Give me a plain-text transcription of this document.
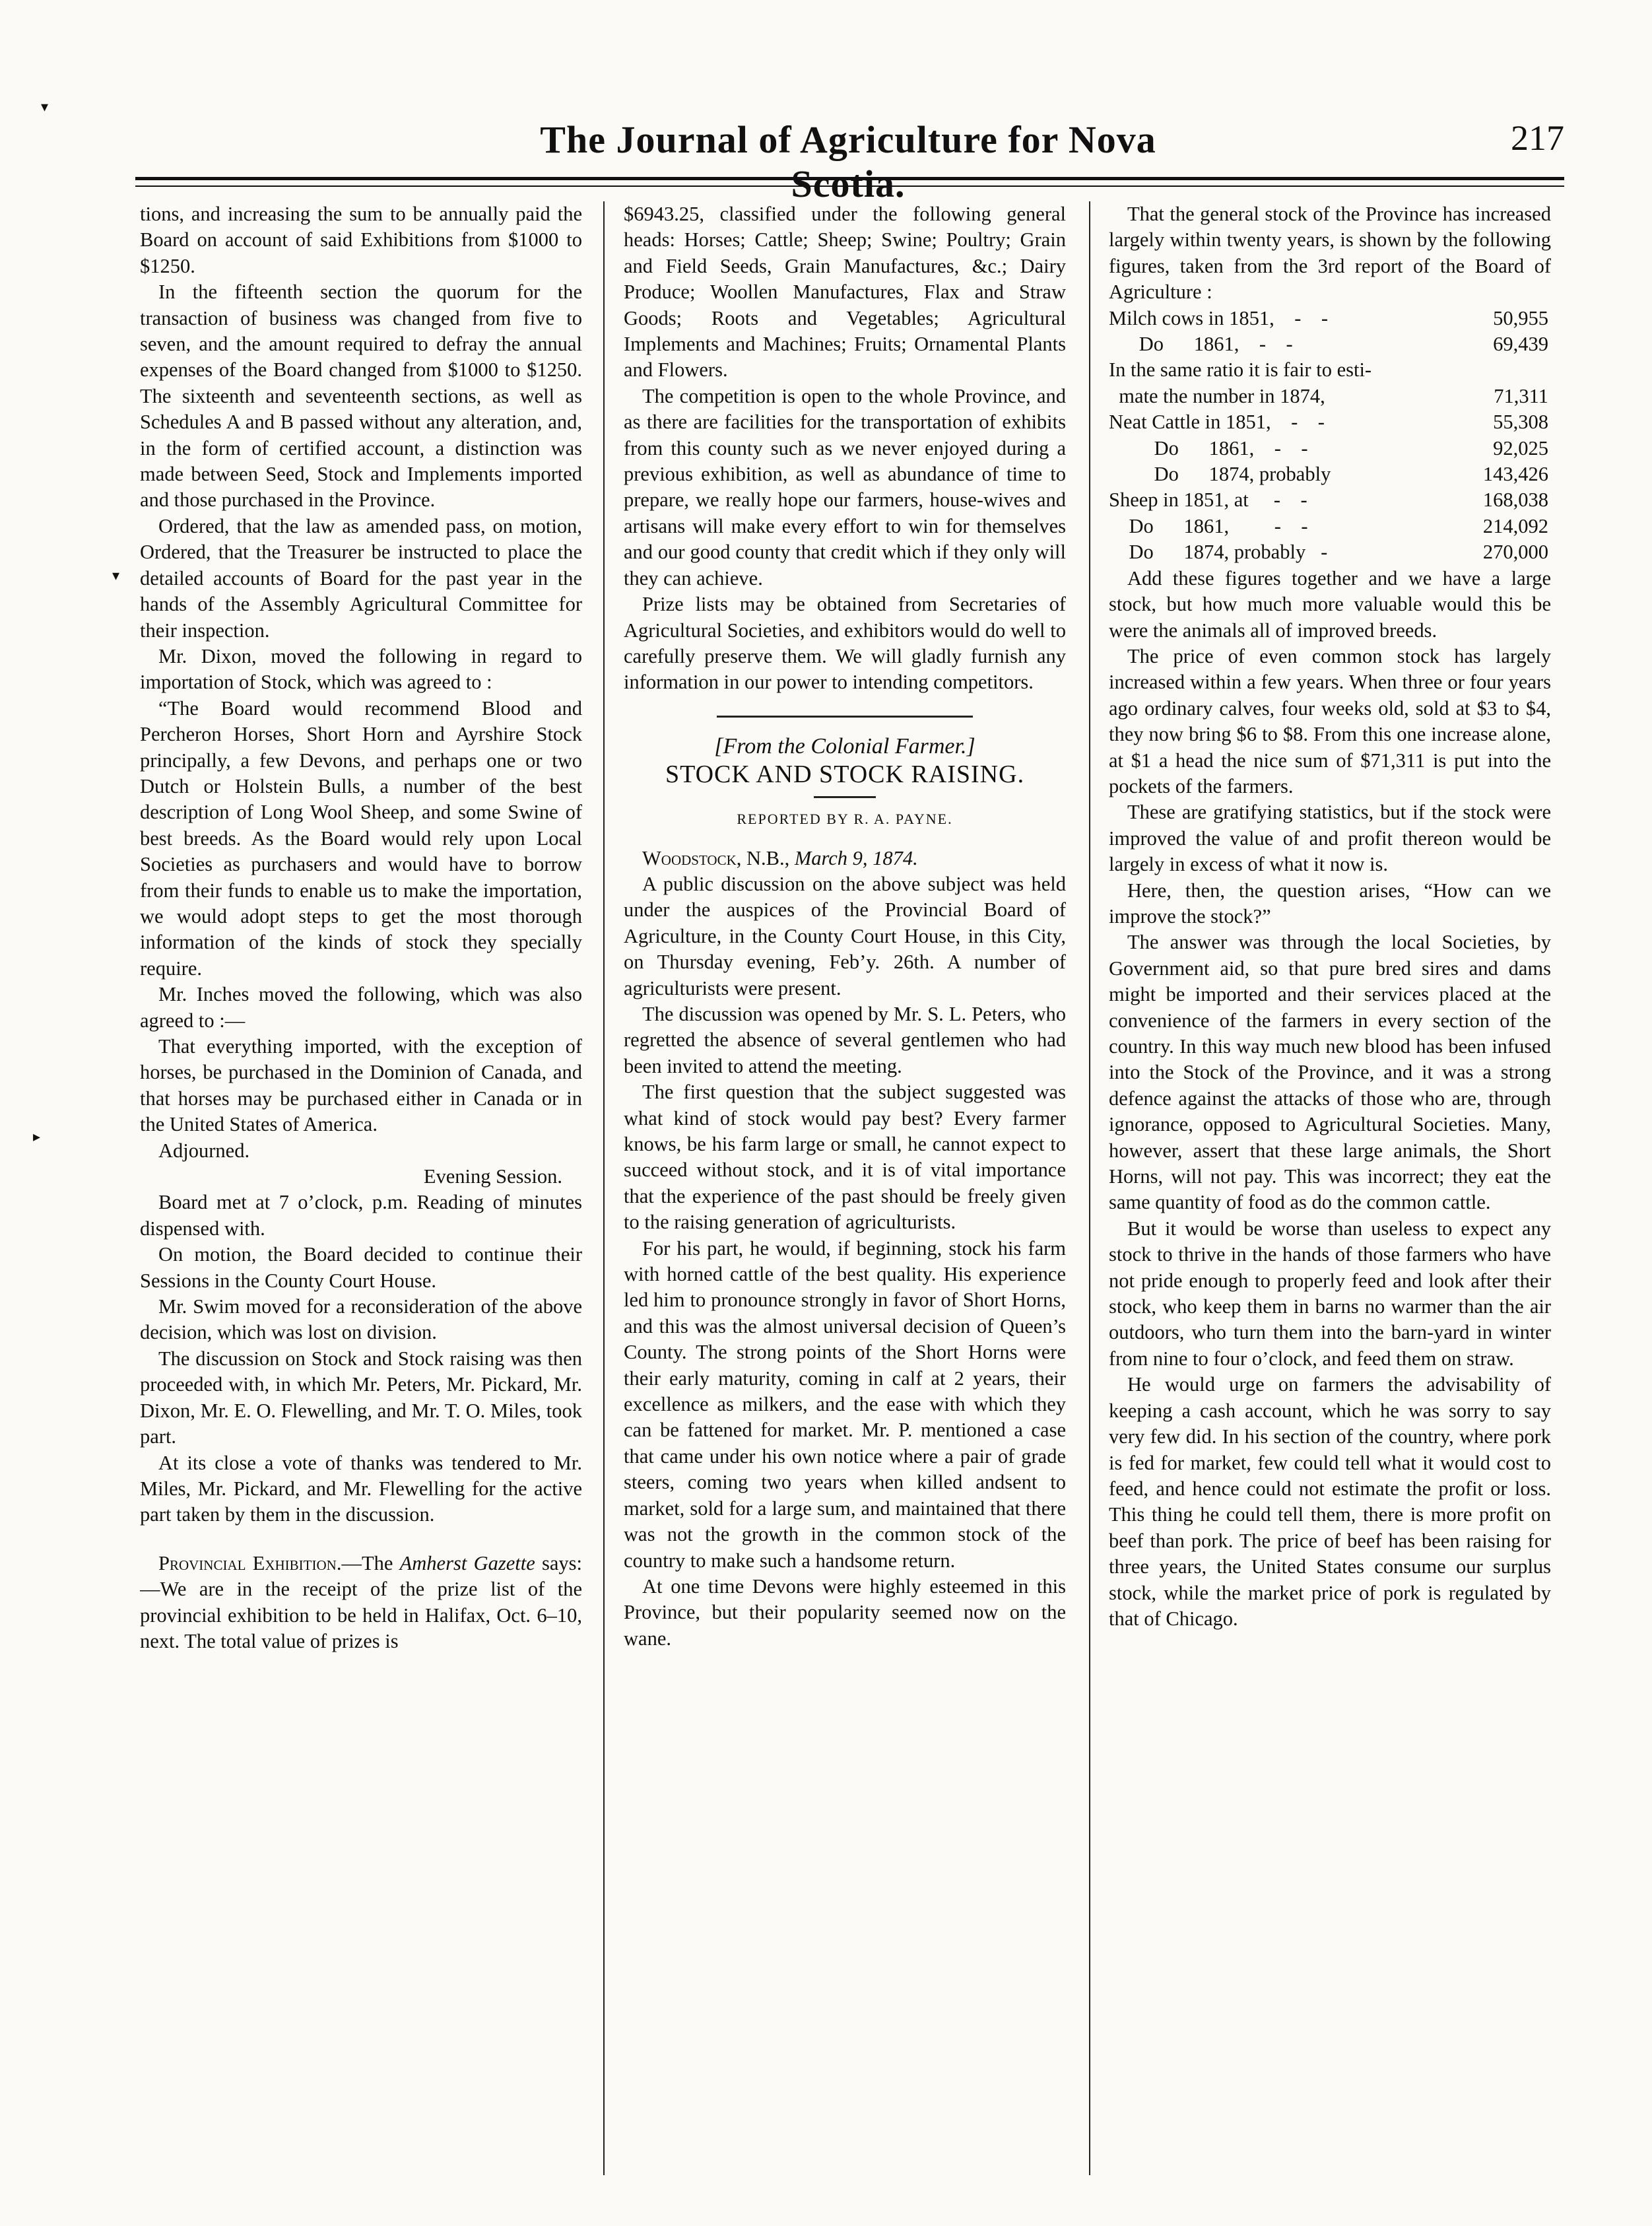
The Journal of Agriculture for Nova Scotia.
217

tions, and increasing the sum to be annually paid the Board on account of said Exhibitions from $1000 to $1250.

In the fifteenth section the quorum for the transaction of business was changed from five to seven, and the amount required to defray the annual expenses of the Board changed from $1000 to $1250. The sixteenth and seventeenth sections, as well as Schedules A and B passed without any alteration, and, in the form of certified account, a distinction was made between Seed, Stock and Implements imported and those purchased in the Province.

Ordered, that the law as amended pass, on motion, Ordered, that the Treasurer be instructed to place the detailed accounts of Board for the past year in the hands of the Assembly Agricultural Committee for their inspection.

Mr. Dixon, moved the following in regard to importation of Stock, which was agreed to :

“The Board would recommend Blood and Percheron Horses, Short Horn and Ayrshire Stock principally, a few Devons, and perhaps one or two Dutch or Holstein Bulls, a number of the best description of Long Wool Sheep, and some Swine of best breeds. As the Board would rely upon Local Societies as purchasers and would have to borrow from their funds to enable us to make the importation, we would adopt steps to get the most thorough information of the kinds of stock they specially require.

Mr. Inches moved the following, which was also agreed to :—

That everything imported, with the exception of horses, be purchased in the Dominion of Canada, and that horses may be purchased either in Canada or in the United States of America.

Adjourned.

Evening Session.

Board met at 7 o’clock, p.m. Reading of minutes dispensed with.

On motion, the Board decided to continue their Sessions in the County Court House.

Mr. Swim moved for a reconsideration of the above decision, which was lost on division.

The discussion on Stock and Stock raising was then proceeded with, in which Mr. Peters, Mr. Pickard, Mr. Dixon, Mr. E. O. Flewelling, and Mr. T. O. Miles, took part.

At its close a vote of thanks was tendered to Mr. Miles, Mr. Pickard, and Mr. Flewelling for the active part taken by them in the discussion.

Provincial Exhibition.—The Amherst Gazette says:—We are in the receipt of the prize list of the provincial exhibition to be held in Halifax, Oct. 6–10, next. The total value of prizes is

$6943.25, classified under the following general heads: Horses; Cattle; Sheep; Swine; Poultry; Grain and Field Seeds, Grain Manufactures, &c.; Dairy Produce; Woollen Manufactures, Flax and Straw Goods; Roots and Vegetables; Agricultural Implements and Machines; Fruits; Ornamental Plants and Flowers.

The competition is open to the whole Province, and as there are facilities for the transportation of exhibits from this county such as we never enjoyed during a previous exhibition, as well as abundance of time to prepare, we really hope our farmers, house-wives and artisans will make every effort to win for themselves and our good county that credit which if they only will they can achieve.

Prize lists may be obtained from Secretaries of Agricultural Societies, and exhibitors would do well to carefully preserve them. We will gladly furnish any information in our power to intending competitors.

[From the Colonial Farmer.]
STOCK AND STOCK RAISING.
REPORTED BY R. A. PAYNE.

Woodstock, N.B., March 9, 1874.

A public discussion on the above subject was held under the auspices of the Provincial Board of Agriculture, in the County Court House, in this City, on Thursday evening, Feb’y. 26th. A number of agriculturists were present.

The discussion was opened by Mr. S. L. Peters, who regretted the absence of several gentlemen who had been invited to attend the meeting.

The first question that the subject suggested was what kind of stock would pay best? Every farmer knows, be his farm large or small, he cannot expect to succeed without stock, and it is of vital importance that the experience of the past should be freely given to the raising generation of agriculturists.

For his part, he would, if beginning, stock his farm with horned cattle of the best quality. His experience led him to pronounce strongly in favor of Short Horns, and this was the almost universal decision of Queen’s County. The strong points of the Short Horns were their early maturity, coming in calf at 2 years, their excellence as milkers, and the ease with which they can be fattened for market. Mr. P. mentioned a case that came under his own notice where a pair of grade steers, coming two years when killed andsent to market, sold for a large sum, and maintained that there was not the growth in the common stock of the country to make such a handsome return.

At one time Devons were highly esteemed in this Province, but their popularity seemed now on the wane.

That the general stock of the Province has increased largely within twenty years, is shown by the following figures, taken from the 3rd report of the Board of Agriculture :

Milch cows in 1851,    -    -	50,955
Do      1861,    -    -	69,439
In the same ratio it is fair to esti-
mate the number in 1874,	71,311
Neat Cattle in 1851,    -    -	55,308
Do      1861,    -    -	92,025
Do      1874, probably	143,426
Sheep in 1851, at     -    -	168,038
Do      1861,         -    -	214,092
Do      1874, probably   -	270,000

Add these figures together and we have a large stock, but how much more valuable would this be were the animals all of improved breeds.

The price of even common stock has largely increased within a few years. When three or four years ago ordinary calves, four weeks old, sold at $3 to $4, they now bring $6 to $8. From this one increase alone, at $1 a head the nice sum of $71,311 is put into the pockets of the farmers.

These are gratifying statistics, but if the stock were improved the value of and profit thereon would be largely in excess of what it now is.

Here, then, the question arises, “How can we improve the stock?”

The answer was through the local Societies, by Government aid, so that pure bred sires and dams might be imported and their services placed at the convenience of the farmers in every section of the country. In this way much new blood has been infused into the Stock of the Province, and it was a strong defence against the attacks of those who are, through ignorance, opposed to Agricultural Societies. Many, however, assert that these large animals, the Short Horns, will not pay. This was incorrect; they eat the same quantity of food as do the common cattle.

But it would be worse than useless to expect any stock to thrive in the hands of those farmers who have not pride enough to properly feed and look after their stock, who keep them in barns no warmer than the air outdoors, who turn them into the barn-yard in winter from nine to four o’clock, and feed them on straw.

He would urge on farmers the advisability of keeping a cash account, which he was sorry to say very few did. In his section of the country, where pork is fed for market, few could tell what it would cost to feed, and hence could not estimate the profit or loss. This thing he could tell them, there is more profit on beef than pork. The price of beef has been raising for three years, the United States consume our surplus stock, while the market price of pork is regulated by that of Chicago.

▾
▾
▸
